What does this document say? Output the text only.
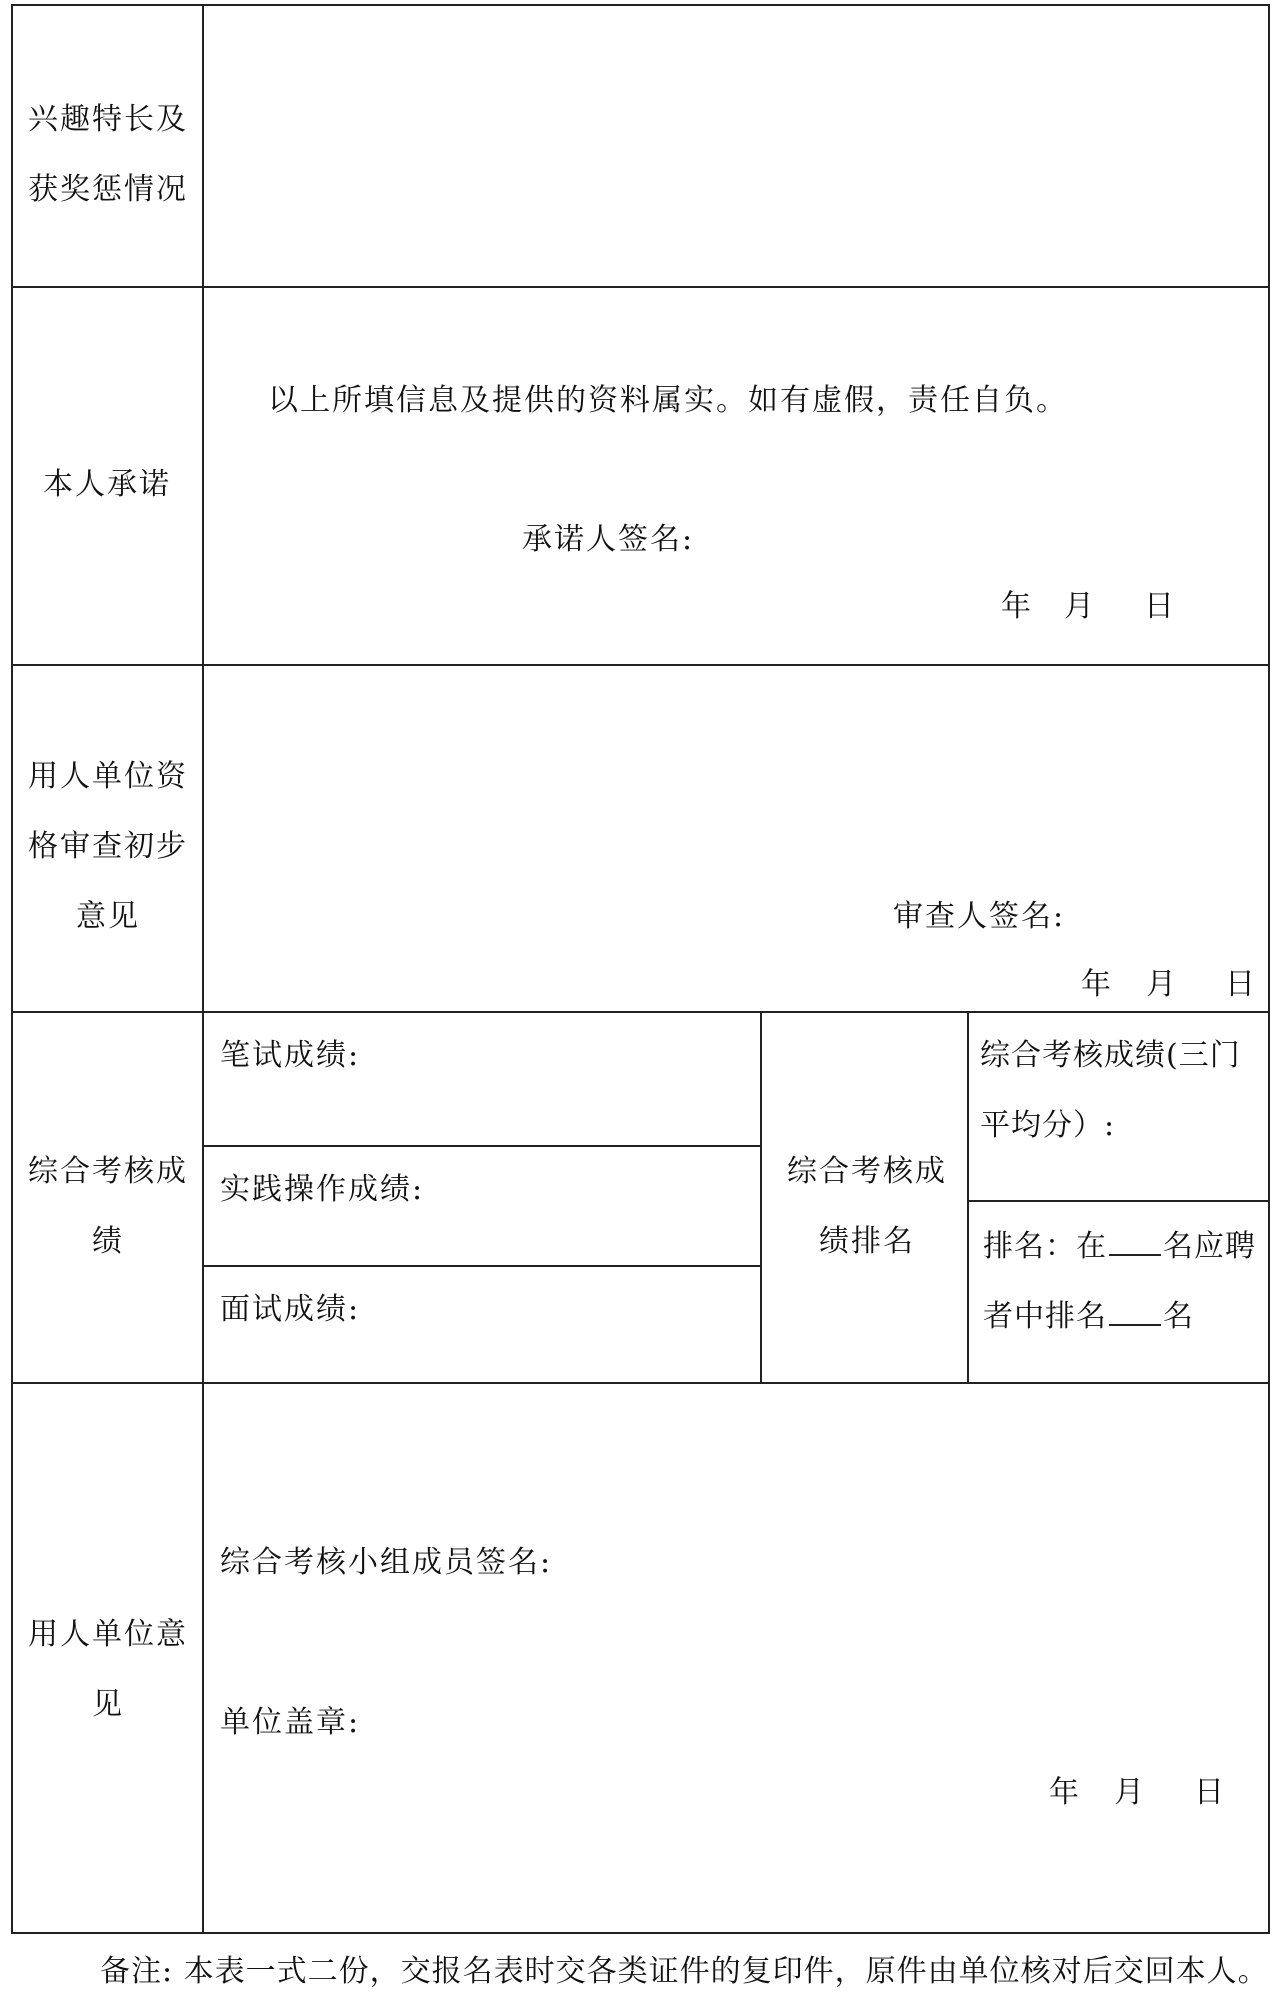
兴趣特长及获奖惩情况
本人承诺
以上所填信息及提供的资料属实。如有虚假，责任自负。
承诺人签名:
年 月 日
用人单位资格审查初步意见	审查人签名:
年 月 日
综合考核成绩
笔试成绩:
实践操作成绩:
面试成绩:
综合考核成绩排名
综合考核成绩(三门平均分）:
排名：在 名应聘者中排名 名
用人单位意见
综合考核小组成员签名:
单位盖章:
年 月 日
备注: 本表一式二份，交报名表时交各类证件的复印件，原件由单位核对后交回本人。
